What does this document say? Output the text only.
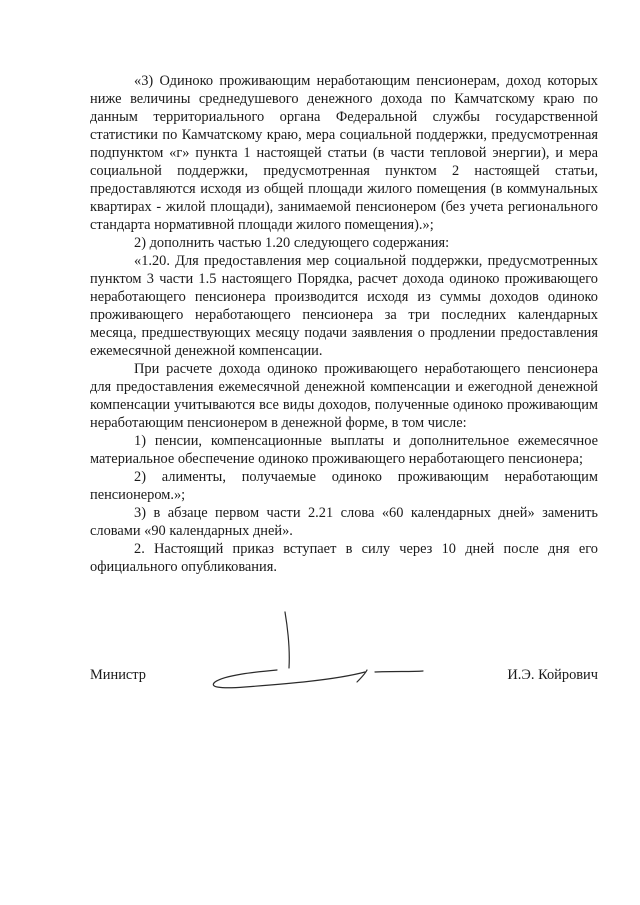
«3) Одиноко проживающим неработающим пенсионерам, доход которых ниже величины среднедушевого денежного дохода по Камчатскому краю по данным территориального органа Федеральной службы государственной статистики по Камчатскому краю, мера социальной поддержки, предусмотренная подпунктом «г» пункта 1 настоящей статьи (в части тепловой энергии), и мера социальной поддержки, предусмотренная пунктом 2 настоящей статьи, предоставляются исходя из общей площади жилого помещения (в коммунальных квартирах - жилой площади), занимаемой пенсионером (без учета регионального стандарта нормативной площади жилого помещения).»;

2) дополнить частью 1.20 следующего содержания:

«1.20. Для предоставления мер социальной поддержки, предусмотренных пунктом 3 части 1.5 настоящего Порядка, расчет дохода одиноко проживающего неработающего пенсионера производится исходя из суммы доходов одиноко проживающего неработающего пенсионера за три последних календарных месяца, предшествующих месяцу подачи заявления о продлении предоставления ежемесячной денежной компенсации.

При расчете дохода одиноко проживающего неработающего пенсионера для предоставления ежемесячной денежной компенсации и ежегодной денежной компенсации учитываются все виды доходов, полученные одиноко проживающим неработающим пенсионером в денежной форме, в том числе:

1) пенсии, компенсационные выплаты и дополнительное ежемесячное материальное обеспечение одиноко проживающего неработающего пенсионера;

2) алименты, получаемые одиноко проживающим неработающим пенсионером.»;

3) в абзаце первом части 2.21 слова «60 календарных дней» заменить словами «90 календарных дней».

2. Настоящий приказ вступает в силу через 10 дней после дня его официального опубликования.

Министр	И.Э. Койрович
